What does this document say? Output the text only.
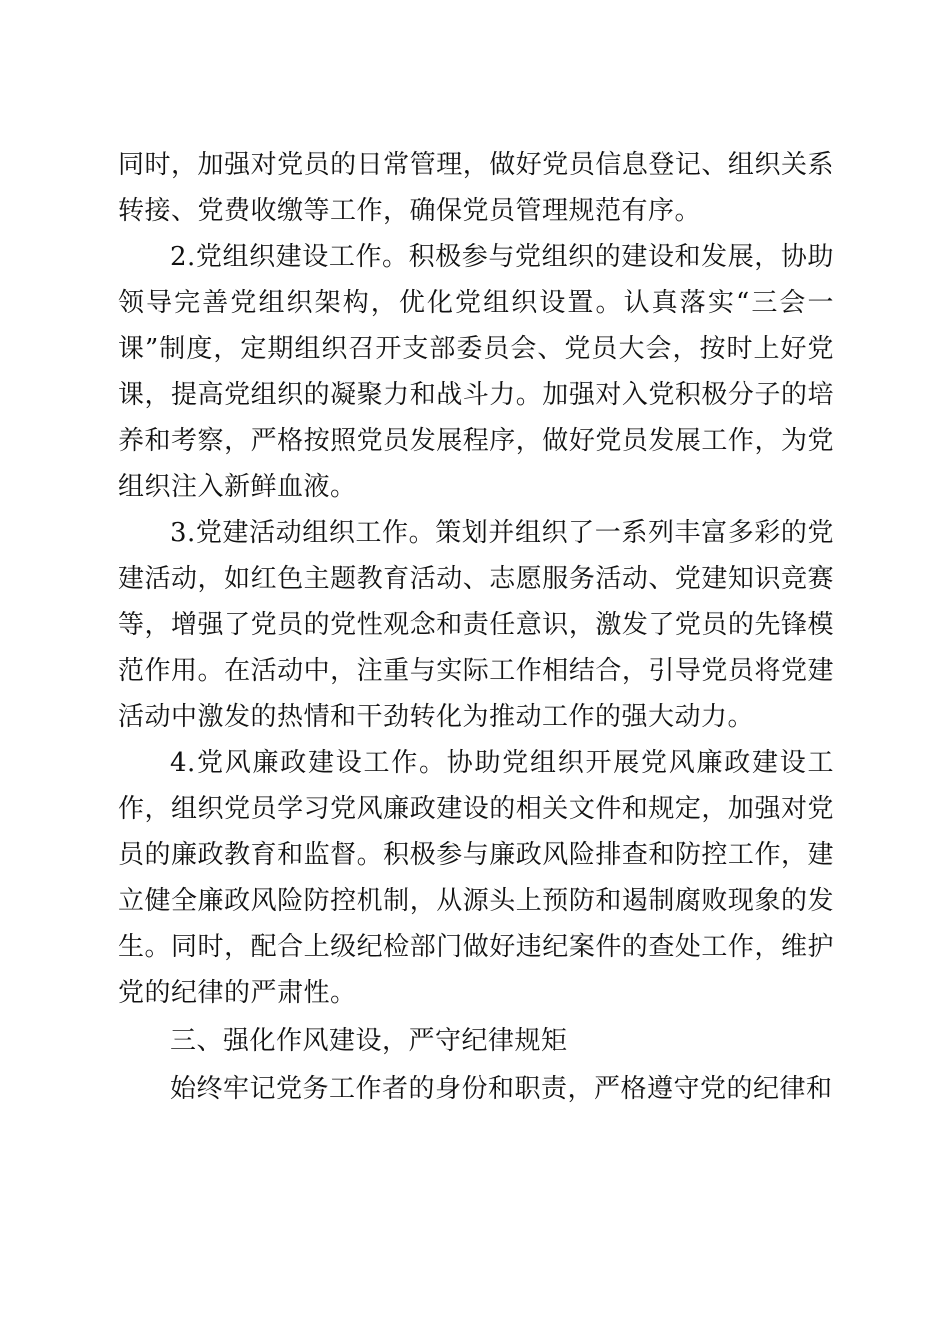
同时，加强对党员的日常管理，做好党员信息登记、组织关系转接、党费收缴等工作，确保党员管理规范有序。

2.党组织建设工作。积极参与党组织的建设和发展，协助领导完善党组织架构，优化党组织设置。认真落实“三会一课”制度，定期组织召开支部委员会、党员大会，按时上好党课，提高党组织的凝聚力和战斗力。加强对入党积极分子的培养和考察，严格按照党员发展程序，做好党员发展工作，为党组织注入新鲜血液。

3.党建活动组织工作。策划并组织了一系列丰富多彩的党建活动，如红色主题教育活动、志愿服务活动、党建知识竞赛等，增强了党员的党性观念和责任意识，激发了党员的先锋模范作用。在活动中，注重与实际工作相结合，引导党员将党建活动中激发的热情和干劲转化为推动工作的强大动力。

4.党风廉政建设工作。协助党组织开展党风廉政建设工作，组织党员学习党风廉政建设的相关文件和规定，加强对党员的廉政教育和监督。积极参与廉政风险排查和防控工作，建立健全廉政风险防控机制，从源头上预防和遏制腐败现象的发生。同时，配合上级纪检部门做好违纪案件的查处工作，维护党的纪律的严肃性。

三、强化作风建设，严守纪律规矩

始终牢记党务工作者的身份和职责，严格遵守党的纪律和
